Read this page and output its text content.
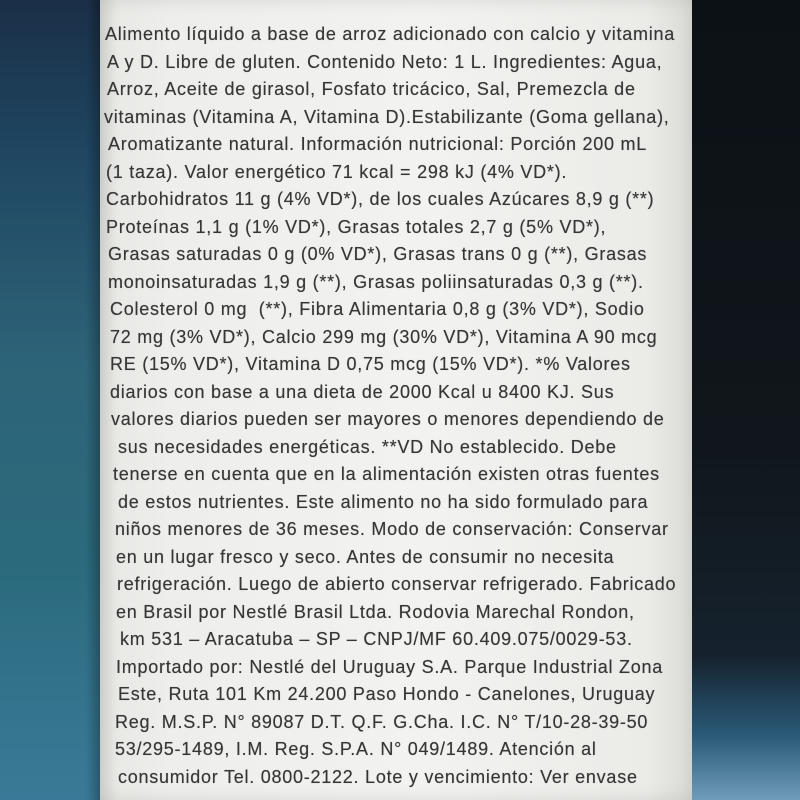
Alimento líquido a base de arroz adicionado con calcio y vitamina
A y D. Libre de gluten. Contenido Neto: 1 L. Ingredientes: Agua,
Arroz, Aceite de girasol, Fosfato tricácico, Sal, Premezcla de
vitaminas (Vitamina A, Vitamina D).Estabilizante (Goma gellana),
Aromatizante natural. Información nutricional: Porción 200 mL
(1 taza). Valor energético 71 kcal = 298 kJ (4% VD*).
Carbohidratos 11 g (4% VD*), de los cuales Azúcares 8,9 g (**)
Proteínas 1,1 g (1% VD*), Grasas totales 2,7 g (5% VD*),
Grasas saturadas 0 g (0% VD*), Grasas trans 0 g (**), Grasas
monoinsaturadas 1,9 g (**), Grasas poliinsaturadas 0,3 g (**).
Colesterol 0 mg  (**), Fibra Alimentaria 0,8 g (3% VD*), Sodio
72 mg (3% VD*), Calcio 299 mg (30% VD*), Vitamina A 90 mcg
RE (15% VD*), Vitamina D 0,75 mcg (15% VD*). *% Valores
diarios con base a una dieta de 2000 Kcal u 8400 KJ. Sus
valores diarios pueden ser mayores o menores dependiendo de
sus necesidades energéticas. **VD No establecido. Debe
tenerse en cuenta que en la alimentación existen otras fuentes
de estos nutrientes. Este alimento no ha sido formulado para
niños menores de 36 meses. Modo de conservación: Conservar
en un lugar fresco y seco. Antes de consumir no necesita
refrigeración. Luego de abierto conservar refrigerado. Fabricado
en Brasil por Nestlé Brasil Ltda. Rodovia Marechal Rondon,
km 531 – Aracatuba – SP – CNPJ/MF 60.409.075/0029-53.
Importado por: Nestlé del Uruguay S.A. Parque Industrial Zona
Este, Ruta 101 Km 24.200 Paso Hondo - Canelones, Uruguay
Reg. M.S.P. N° 89087 D.T. Q.F. G.Cha. I.C. N° T/10-28-39-50
53/295-1489, I.M. Reg. S.P.A. N° 049/1489. Atención al
consumidor Tel. 0800-2122. Lote y vencimiento: Ver envase
